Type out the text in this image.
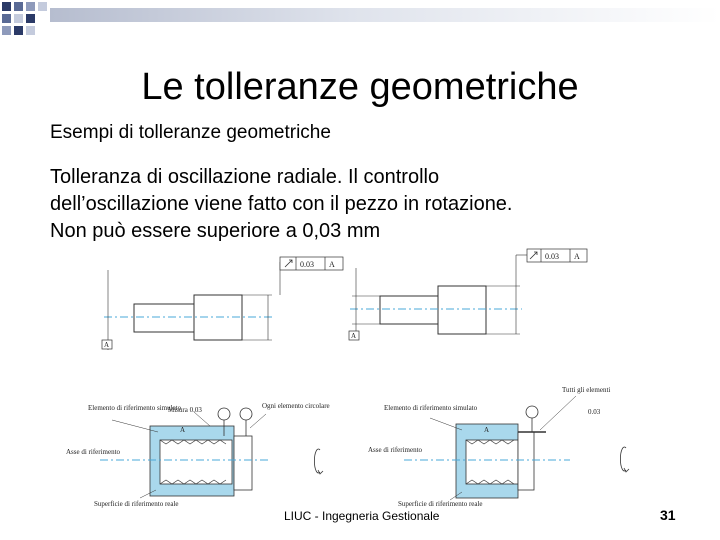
Le tolleranze geometriche
Esempi di tolleranze geometriche
Tolleranza di oscillazione radiale. Il controllo
dell’oscillazione viene fatto con il pezzo in rotazione.
Non può essere superiore a 0,03 mm
0.03 A
A
0.03 A
A
Elemento di riferimento simulato
Misura 0.03	Ogni elemento circolare
Asse di riferimento
Superficie di riferimento reale
A
Tutti gli elementi
Elemento di riferimento simulato	0.03
Asse di riferimento
Superficie di riferimento reale
A
LIUC - Ingegneria Gestionale	31
